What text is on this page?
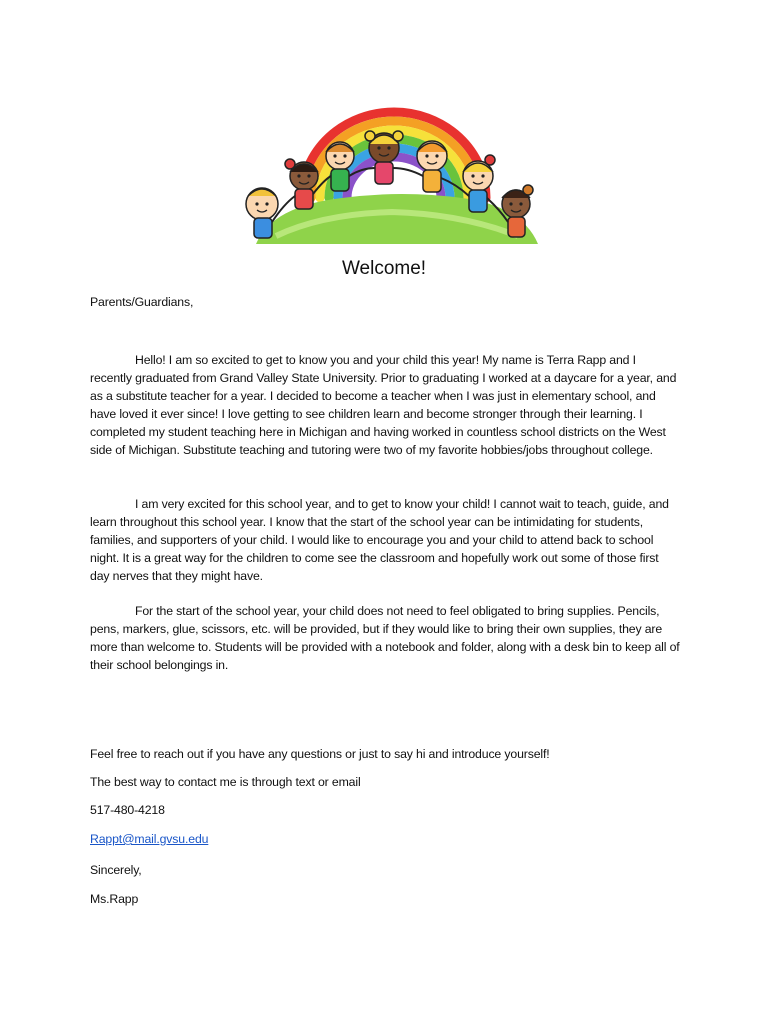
Welcome!

Parents/Guardians,

Hello! I am so excited to get to know you and your child this year! My name is Terra Rapp and I recently graduated from Grand Valley State University. Prior to graduating I worked at a daycare for a year, and as a substitute teacher for a year. I decided to become a teacher when I was just in elementary school, and have loved it ever since! I love getting to see children learn and become stronger through their learning. I completed my student teaching here in Michigan and having worked in countless school districts on the West side of Michigan. Substitute teaching and tutoring were two of my favorite hobbies/jobs throughout college.

I am very excited for this school year, and to get to know your child! I cannot wait to teach, guide, and learn throughout this school year. I know that the start of the school year can be intimidating for students, families, and supporters of your child. I would like to encourage you and your child to attend back to school night. It is a great way for the children to come see the classroom and hopefully work out some of those first day nerves that they might have.

For the start of the school year, your child does not need to feel obligated to bring supplies. Pencils, pens, markers, glue, scissors, etc. will be provided, but if they would like to bring their own supplies, they are more than welcome to. Students will be provided with a notebook and folder, along with a desk bin to keep all of their school belongings in.

Feel free to reach out if you have any questions or just to say hi and introduce yourself!

The best way to contact me is through text or email

517-480-4218

Rappt@mail.gvsu.edu

Sincerely,

Ms.Rapp
